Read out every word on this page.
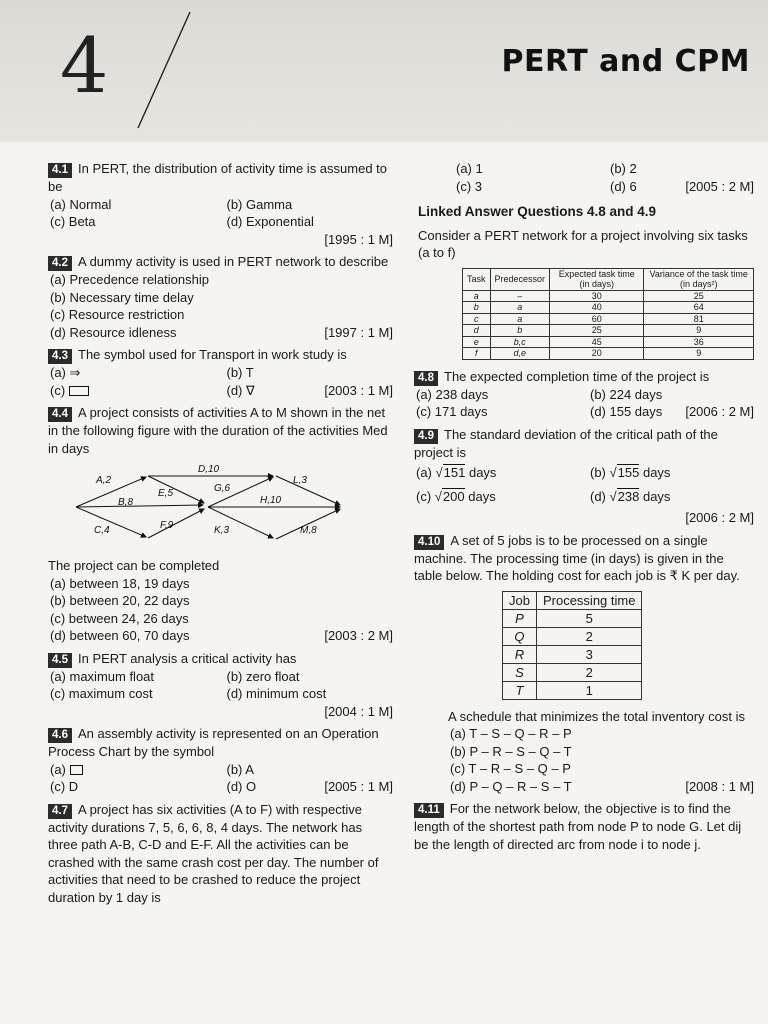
4	PERT and CPM
4.1 In PERT, the distribution of activity time is assumed to be
(a) Normal	(b) Gamma
(c) Beta	(d) Exponential
[1995 : 1 M]
4.2 A dummy activity is used in PERT network to describe
(a) Precedence relationship
(b) Necessary time delay
(c) Resource restriction
(d) Resource idleness	[1997 : 1 M]
4.3 The symbol used for Transport in work study is
(a) ⇒	(b) T
(c)	(d) ∇	[2003 : 1 M]
4.4 A project consists of activities A to M shown in the net in the following figure with the duration of the activities Med in days
A,2
B,8
C,4
D,10
E,5
F,9
G,6
H,10
K,3
L,3
M,8
The project can be completed
(a) between 18, 19 days
(b) between 20, 22 days
(c) between 24, 26 days
(d) between 60, 70 days	[2003 : 2 M]
4.5 In PERT analysis a critical activity has
(a) maximum float	(b) zero float
(c) maximum cost	(d) minimum cost
[2004 : 1 M]
4.6 An assembly activity is represented on an Operation Process Chart by the symbol
(a)	(b) A
(c) D	(d) O	[2005 : 1 M]
4.7 A project has six activities (A to F) with respective activity durations 7, 5, 6, 6, 8, 4 days. The network has three path A-B, C-D and E-F. All the activities can be crashed with the same crash cost per day. The number of activities that need to be crashed to reduce the project duration by 1 day is
(a) 1	(b) 2
(c) 3	(d) 6	[2005 : 2 M]
Linked Answer Questions 4.8 and 4.9
Consider a PERT network for a project involving six tasks (a to f)
Task	Predecessor	Expected task time (in days)	Variance of the task time (in days²)
a	–	30	25
b	a	40	64
c	a	60	81
d	b	25	9
e	b,c	45	36
f	d,e	20	9
4.8 The expected completion time of the project is
(a) 238 days	(b) 224 days
(c) 171 days	(d) 155 days	[2006 : 2 M]
4.9 The standard deviation of the critical path of the project is
(a) √151 days	(b) √155 days
(c) √200 days	(d) √238 days
[2006 : 2 M]
4.10 A set of 5 jobs is to be processed on a single machine. The processing time (in days) is given in the table below. The holding cost for each job is ₹ K per day.
Job	Processing time
P	5
Q	2
R	3
S	2
T	1
A schedule that minimizes the total inventory cost is
(a) T – S – Q – R – P
(b) P – R – S – Q – T
(c) T – R – S – Q – P
(d) P – Q – R – S – T	[2008 : 1 M]
4.11 For the network below, the objective is to find the length of the shortest path from node P to node G. Let dij be the length of directed arc from node i to node j.
